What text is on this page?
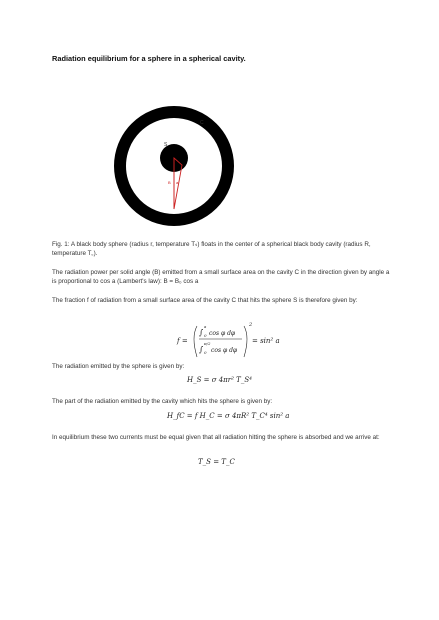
Radiation equilibrium for a sphere in a spherical cavity.
C
S
B a
Fig. 1: A black body sphere (radius r, temperature Tₛ) floats in the center of a spherical black body cavity (radius R, temperature T꜀).
The radiation power per solid angle (B) emitted from a small surface area on the cavity C in the direction given by angle a is proportional to cos a (Lambert's law): B = B₀ cos a
The fraction f of radiation from a small surface area of the cavity C that hits the sphere S is therefore given by:
f =
∫
a
0 cos φ dφ
∫
π/2
0 cos φ dφ
2
= sin² a
The radiation emitted by the sphere is given by:
H_S = σ 4πr² T_S⁴
The part of the radiation emitted by the cavity which hits the sphere is given by:
H_fC = f H_C = σ 4πR² T_C⁴ sin² a
In equilibrium these two currents must be equal given that all radiation hitting the sphere is absorbed and we arrive at:
T_S = T_C
